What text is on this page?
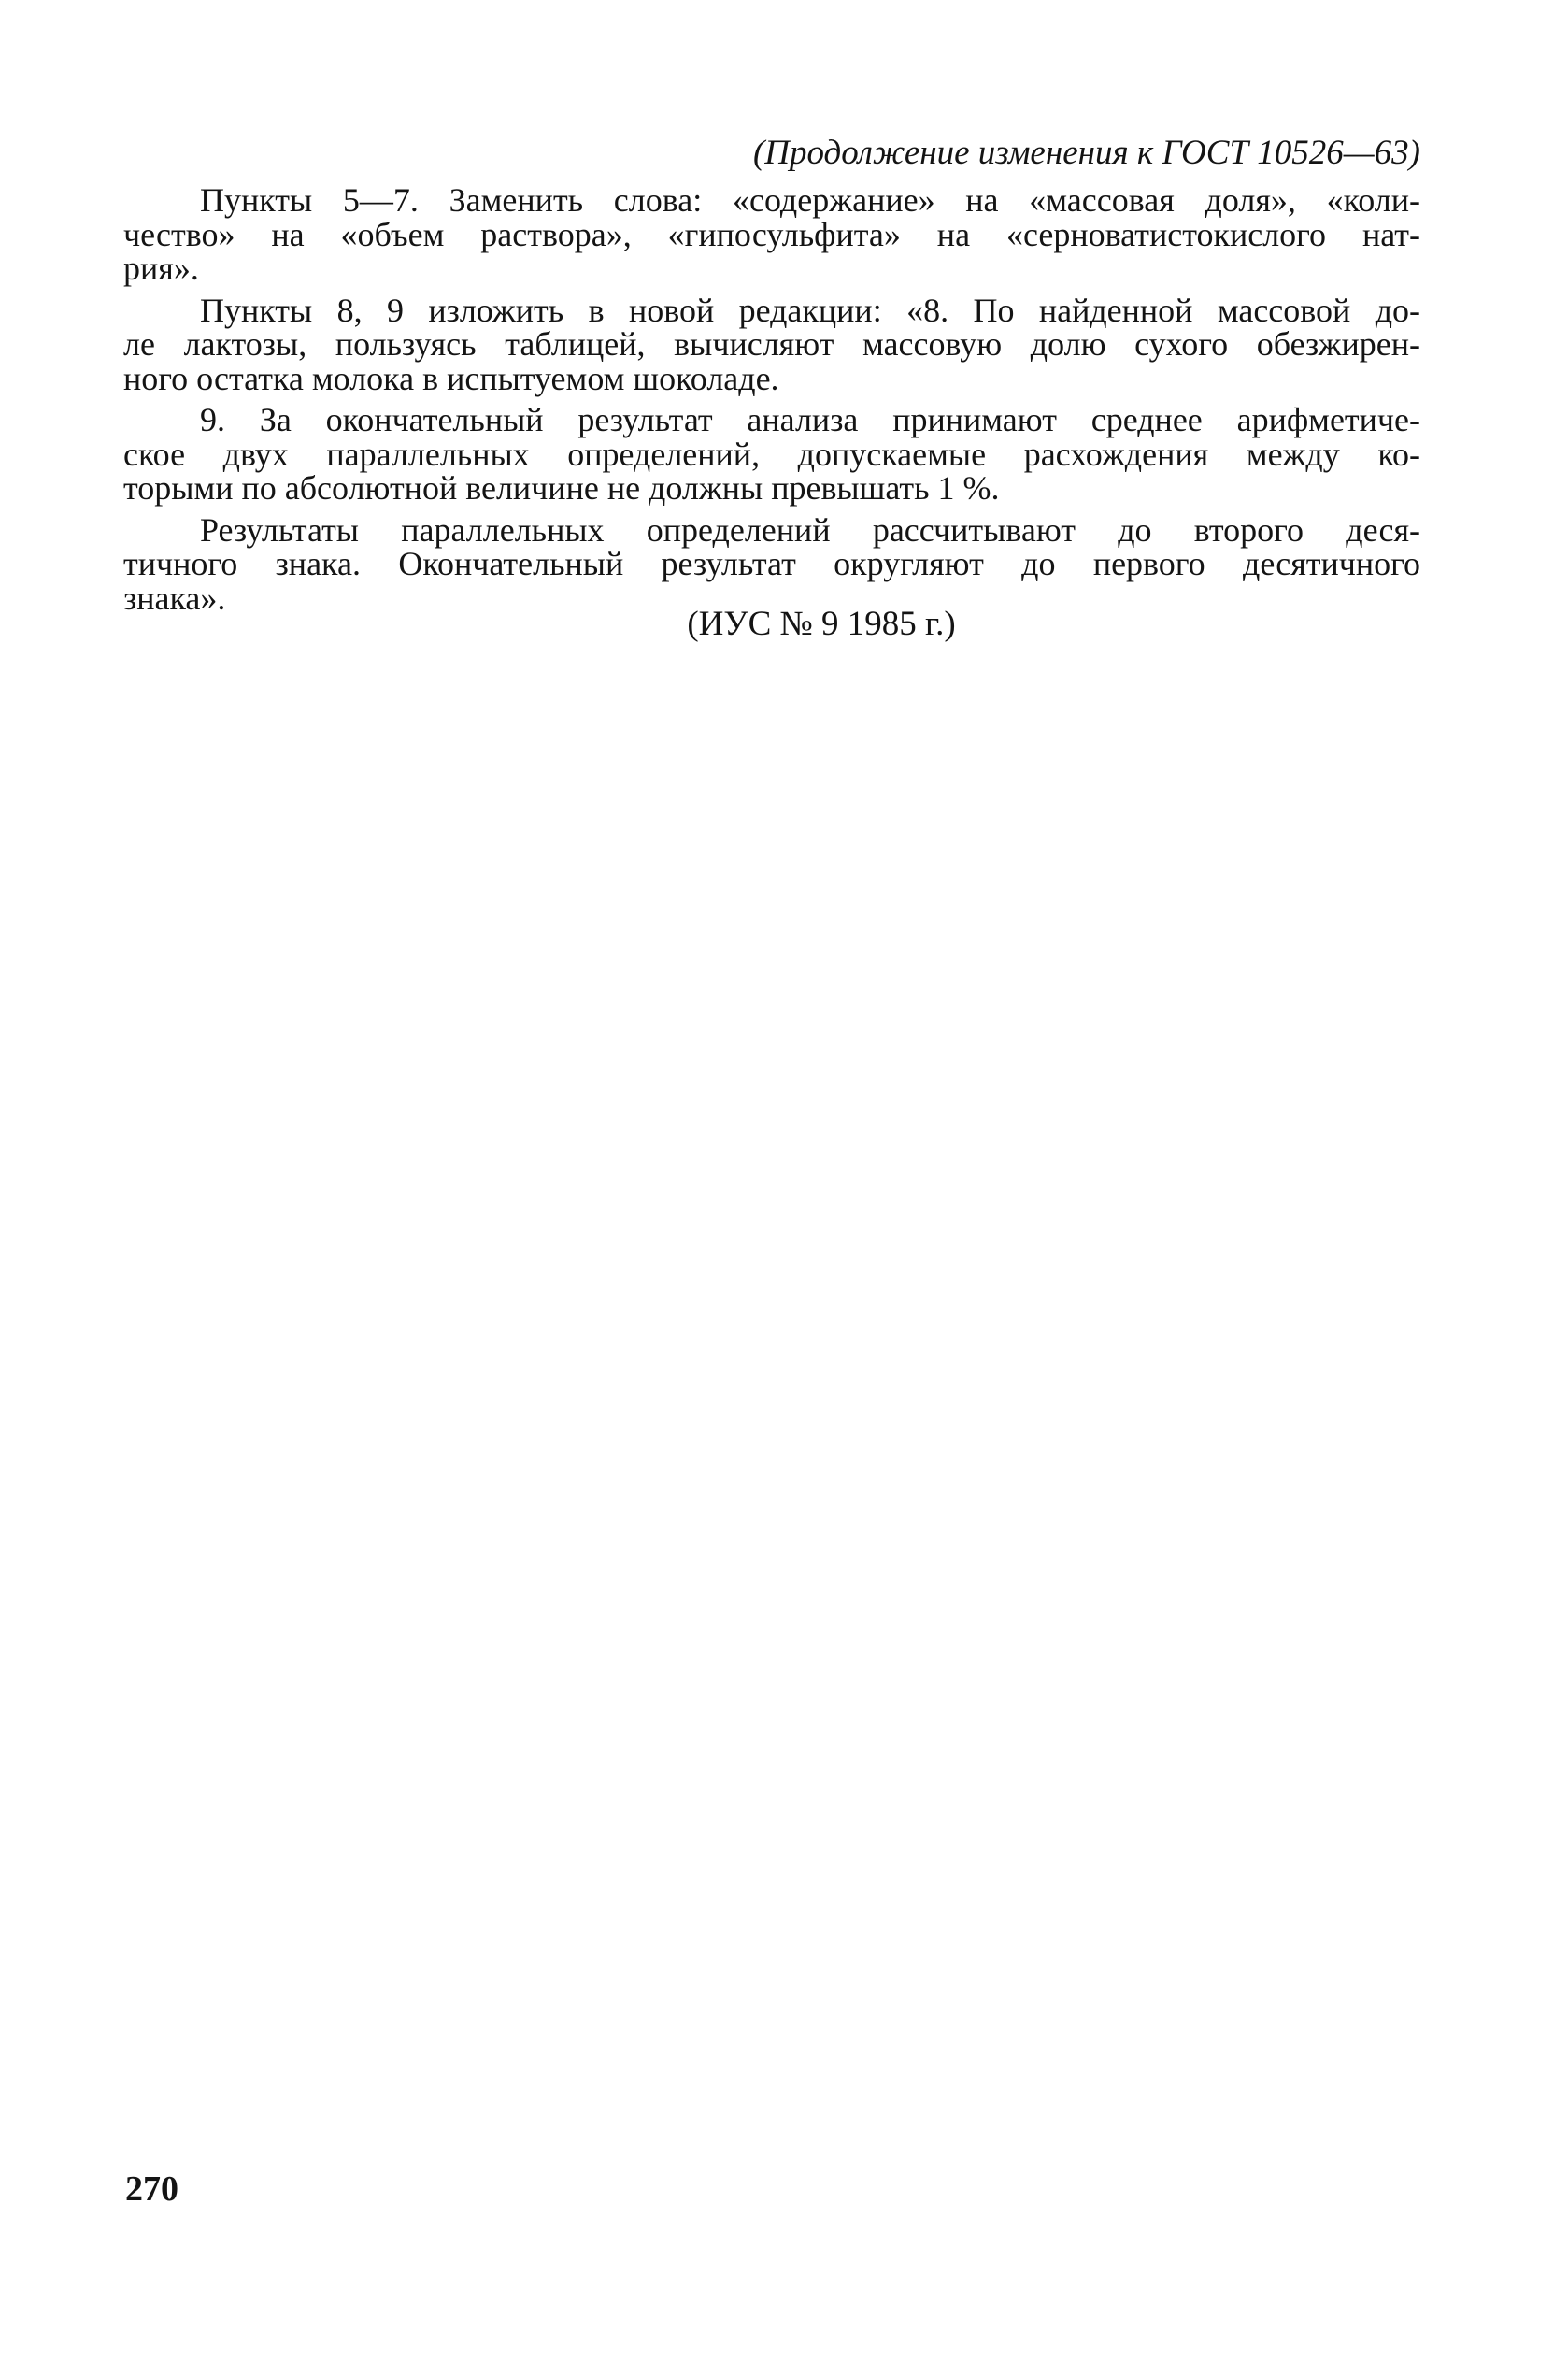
(Продолжение изменения к ГОСТ 10526—63)

Пункты 5—7. Заменить слова: «содержание» на «массовая доля», «коли-
чество» на «объем раствора», «гипосульфита» на «серноватистокислого нат-
рия».

Пункты 8, 9 изложить в новой редакции: «8. По найденной массовой до-
ле лактозы, пользуясь таблицей, вычисляют массовую долю сухого обезжирен-
ного остатка молока в испытуемом шоколаде.

9. За окончательный результат анализа принимают среднее арифметиче-
ское двух параллельных определений, допускаемые расхождения между ко-
торыми по абсолютной величине не должны превышать 1 %.

Результаты параллельных определений рассчитывают до второго деся-
тичного знака. Окончательный результат округляют до первого десятичного
знака».

(ИУС № 9 1985 г.)
270
